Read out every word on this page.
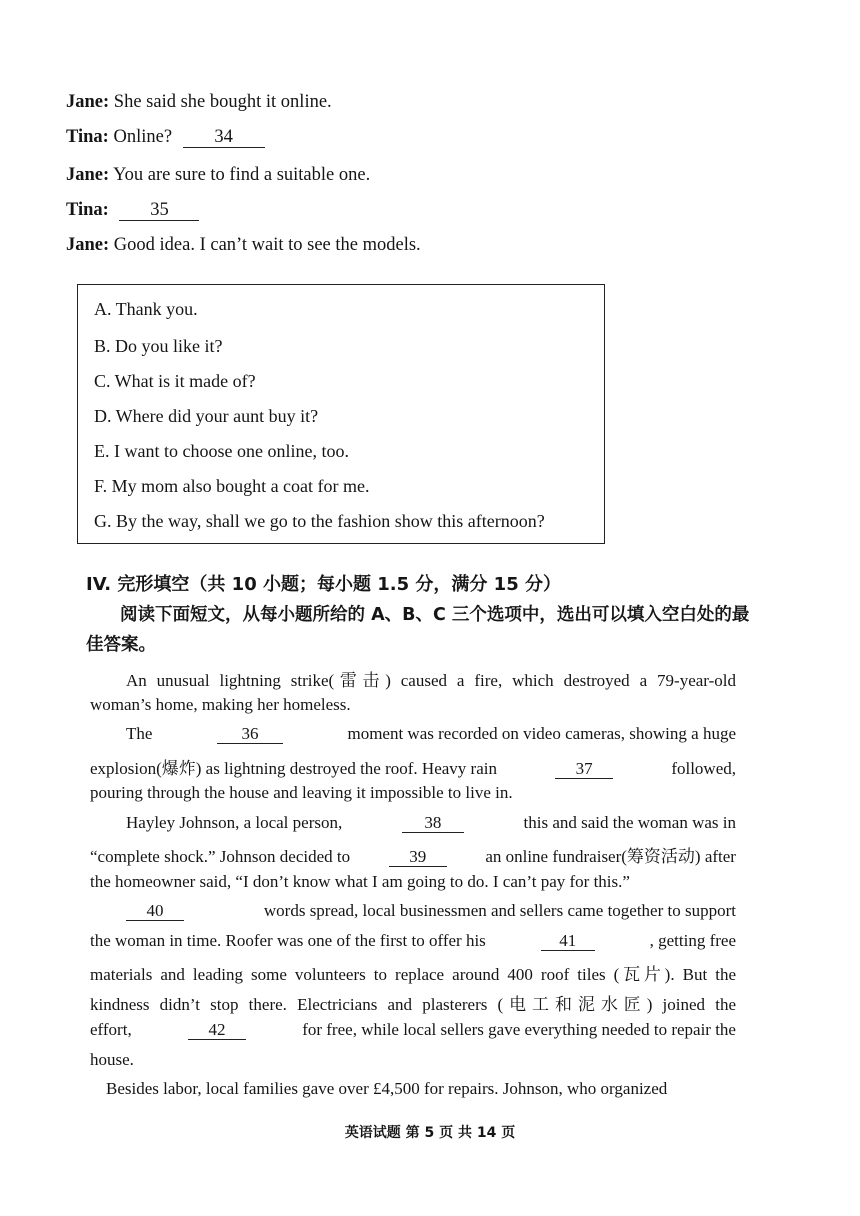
Jane: She said she bought it online.
Tina: Online? 34
Jane: You are sure to find a suitable one.
Tina: 35
Jane: Good idea. I can’t wait to see the models.
A. Thank you.
B. Do you like it?
C. What is it made of?
D. Where did your aunt buy it?
E. I want to choose one online, too.
F. My mom also bought a coat for me.
G. By the way, shall we go to the fashion show this afternoon?
IV. 完形填空（共 10 小题；每小题 1.5 分，满分 15 分）
阅读下面短文，从每小题所给的 A、B、C 三个选项中，选出可以填入空白处的最佳答案。
An unusual lightning strike(雷击) caused a fire, which destroyed a 79-year-old
woman’s home, making her homeless.
The	36	moment was recorded on video cameras, showing a huge
explosion(爆炸) as lightning destroyed the roof. Heavy rain	37	followed,
pouring through the house and leaving it impossible to live in.
Hayley Johnson, a local person,	38	this and said the woman was in
“complete shock.” Johnson decided to	39	an online fundraiser(筹资活动) after
the homeowner said, “I don’t know what I am going to do. I can’t pay for this.”
40	words spread, local businessmen and sellers came together to support
the woman in time. Roofer was one of the first to offer his	41	, getting free
materials and leading some volunteers to replace around 400 roof tiles (瓦片). But the
kindness didn’t stop there. Electricians and plasterers (电工和泥水匠) joined the
effort,	42	for free, while local sellers gave everything needed to repair the
house.
Besides labor, local families gave over £4,500 for repairs. Johnson, who organized
英语试题 第 5 页 共 14 页
